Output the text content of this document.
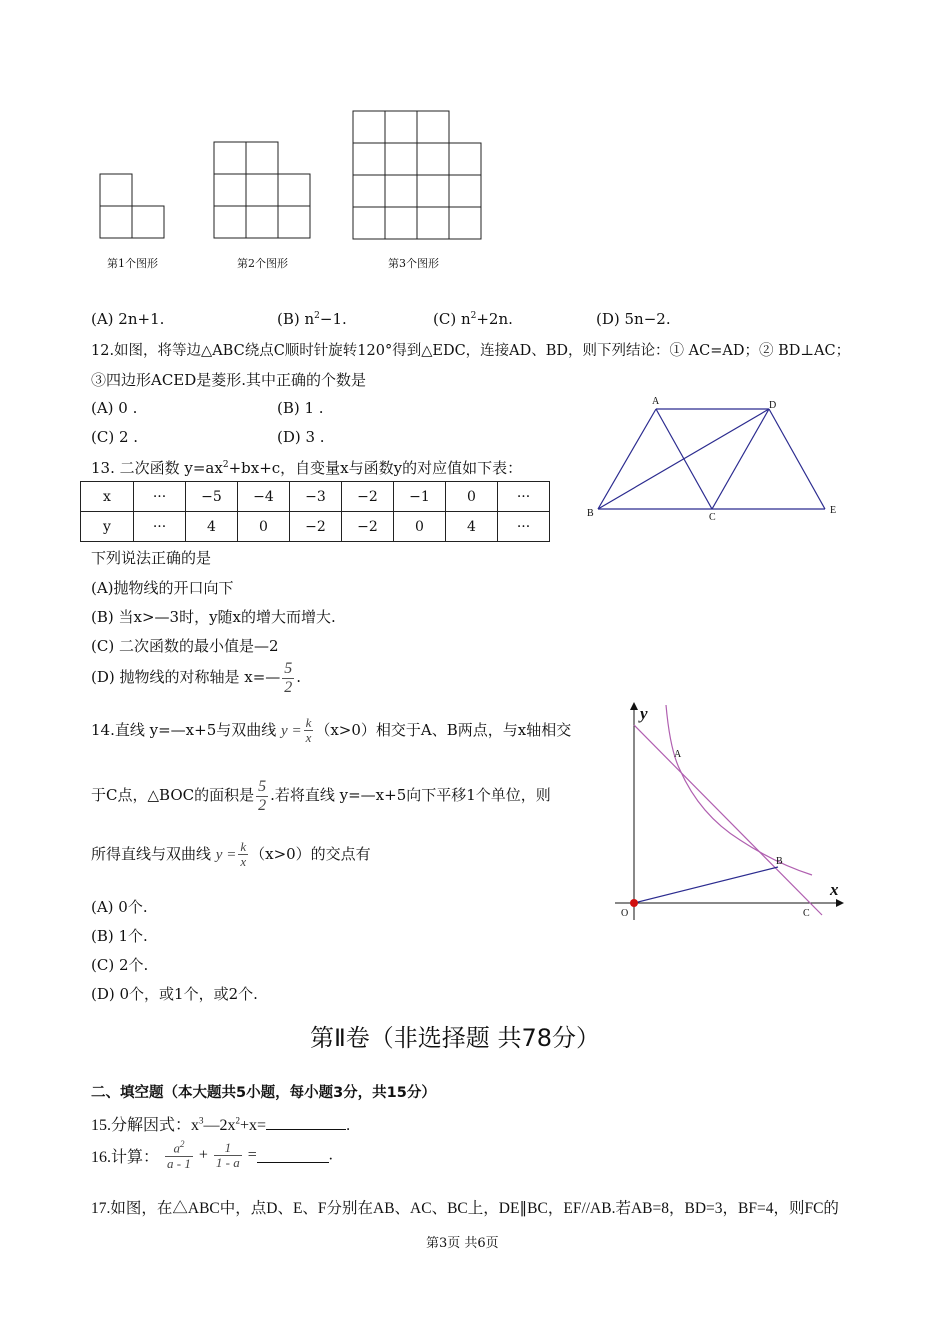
第1个图形	第2个图形	第3个图形
(A) 2n+1.	(B) $n^2-1$.	(C) $n^2+2n$.	(D) 5n−2.
12.如图，将等边△ABC绕点C顺时针旋转120°得到△EDC，连接AD、BD，则下列结论：① AC=AD；② BD⊥AC；
③四边形ACED是菱形.其中正确的个数是
(A) 0 .	(B) 1 .
(C) 2 .	(D) 3 .
A	D
B	C
E
13. 二次函数 $y=ax^2+bx+c$，自变量x与函数y的对应值如下表：
x	···	−5	−4	−3	−2	−1	0	···
y	···	4	0	−2	−2	0	4	···
下列说法正确的是
(A)抛物线的开口向下
(B) 当x>—3时，y随x的增大而增大.
(C) 二次函数的最小值是—2
(D) 抛物线的对称轴是 x=— $\frac{5}{2}$ .
14.直线 y=—x+5与双曲线 $y = \frac{k}{x} (x>0)$相交于A、B两点，与x轴相交
于C点，△BOC的面积是 $\frac{5}{2}$ .若将直线 y=—x+5向下平移1个单位，则
所得直线与双曲线 $y = \frac{k}{x} (x>0)$的交点有
(A) 0个.
(B) 1个.
(C) 2个.
(D) 0个，或1个，或2个.
y
x
O
A
B
C
第Ⅱ卷（非选择题 共78分）
二、填空题（本大题共5小题，每小题3分，共15分）
15.分解因式：$x^3—2x^2+x=$	.
16.计算： $\frac{a^2}{a - 1} + \frac{1}{1 - a}$ =	.
17.如图，在△ABC中，点D、E、F分别在AB、AC、BC上，DE∥BC，EF//AB.若AB=8，BD=3，BF=4，则FC的
第3页 共6页
